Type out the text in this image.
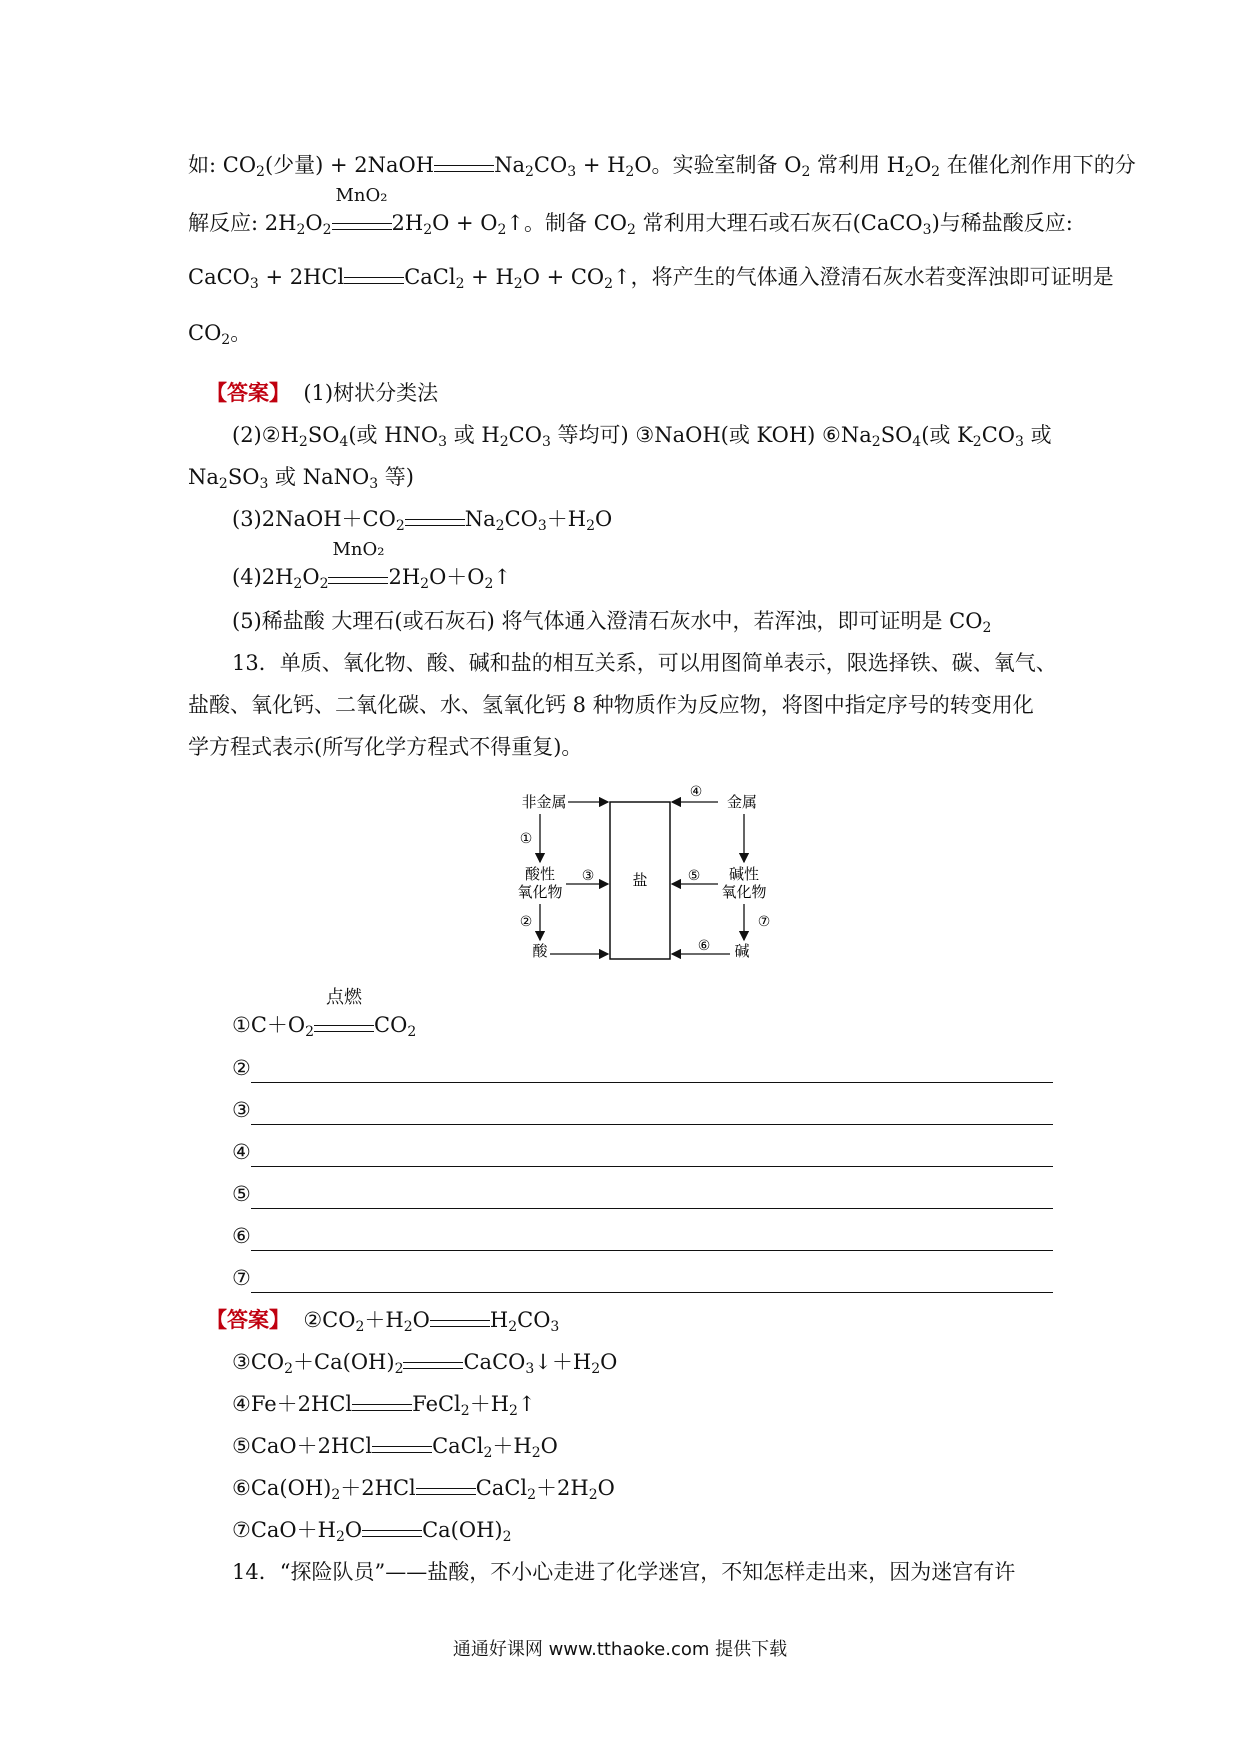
如: $CO_2$(少量) + 2NaOH	$Na_2CO_3 + H_2O$。实验室制备 $O_2$ 常利用 $H_2O_2$ 在催化剂作用下的分
解反应: $2H_2O_2$
MnO₂
$2H_2O$ + $O_2↑$。制备 $CO_2$ 常利用大理石或石灰石(CaCO$_3$)与稀盐酸反应:
CaCO$_3$ + 2HCl	CaCl$_2$ + $H_2O$ + $CO_2↑$，将产生的气体通入澄清石灰水若变浑浊即可证明是
$CO_2$。
【答案】 (1)树状分类法
$(2)②H_2SO_4$(或 $HNO_3$ 或 $H_2CO_3$ 等均可) ③NaOH(或 KOH) $⑥Na_2SO_4$(或 $K_2CO_3$ 或
$Na_2SO_3$ 或 NaNO$_3$ 等)
$(3)2NaOH+CO_2$	$Na_2CO_3+H_2O$
$(4)2H_2O_2$
MnO₂
$2H_2O+O_2↑$
(5)稀盐酸 大理石(或石灰石) 将气体通入澄清石灰水中，若浑浊，即可证明是 $CO_2$
13．单质、氧化物、酸、碱和盐的相互关系，可以用图简单表示，限选择铁、碳、氧气、
盐酸、氧化钙、二氧化碳、水、氢氧化钙 8 种物质作为反应物，将图中指定序号的转变用化
学方程式表示(所写化学方程式不得重复)。
盐
非金属
酸性
氧化物
酸
金属
碱性
氧化物
碱
①
②	⑦
④
③	⑤
⑥
$①C+O_2$
点燃
$CO_2$
②
③
④
⑤
⑥
⑦
【答案】 $②CO_2+H_2O$	$H_2CO_3$
$③CO_2+Ca(OH)_2$	$CaCO_3↓+H_2O$
④Fe＋2HCl	$FeCl_2+H_2↑$
⑤CaO＋2HCl	$CaCl_2+H_2O$
$⑥Ca(OH)_2+2HCl$	$CaCl_2+2H_2O$
$⑦CaO+H_2O$	$Ca(OH)_2$
14．“探险队员”——盐酸，不小心走进了化学迷宫，不知怎样走出来，因为迷宫有许
通通好课网 www.tthaoke.com 提供下载
